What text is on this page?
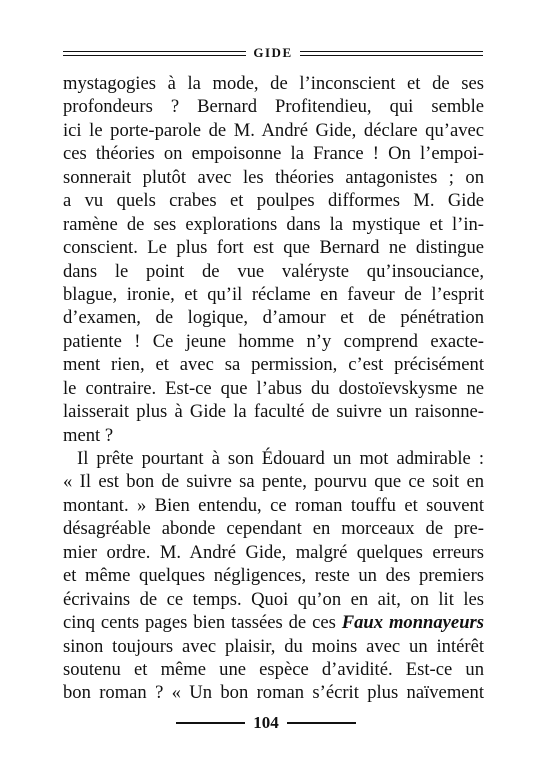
GIDE
mystagogies à la mode, de l’inconscient et de ses
profondeurs ? Bernard Profitendieu, qui semble
ici le porte-parole de M. André Gide, déclare qu’avec
ces théories on empoisonne la France ! On l’empoi-
sonnerait plutôt avec les théories antagonistes ; on
a vu quels crabes et poulpes difformes M. Gide
ramène de ses explorations dans la mystique et l’in-
conscient. Le plus fort est que Bernard ne distingue
dans le point de vue valéryste qu’insouciance,
blague, ironie, et qu’il réclame en faveur de l’esprit
d’examen, de logique, d’amour et de pénétration
patiente ! Ce jeune homme n’y comprend exacte-
ment rien, et avec sa permission, c’est précisément
le contraire. Est-ce que l’abus du dostoïevskysme ne
laisserait plus à Gide la faculté de suivre un raisonne-
ment ?
Il prête pourtant à son Édouard un mot admirable :
« Il est bon de suivre sa pente, pourvu que ce soit en
montant. » Bien entendu, ce roman touffu et souvent
désagréable abonde cependant en morceaux de pre-
mier ordre. M. André Gide, malgré quelques erreurs
et même quelques négligences, reste un des premiers
écrivains de ce temps. Quoi qu’on en ait, on lit les
cinq cents pages bien tassées de ces Faux monnayeurs
sinon toujours avec plaisir, du moins avec un intérêt
soutenu et même une espèce d’avidité. Est-ce un
bon roman ? « Un bon roman s’écrit plus naïvement
104
